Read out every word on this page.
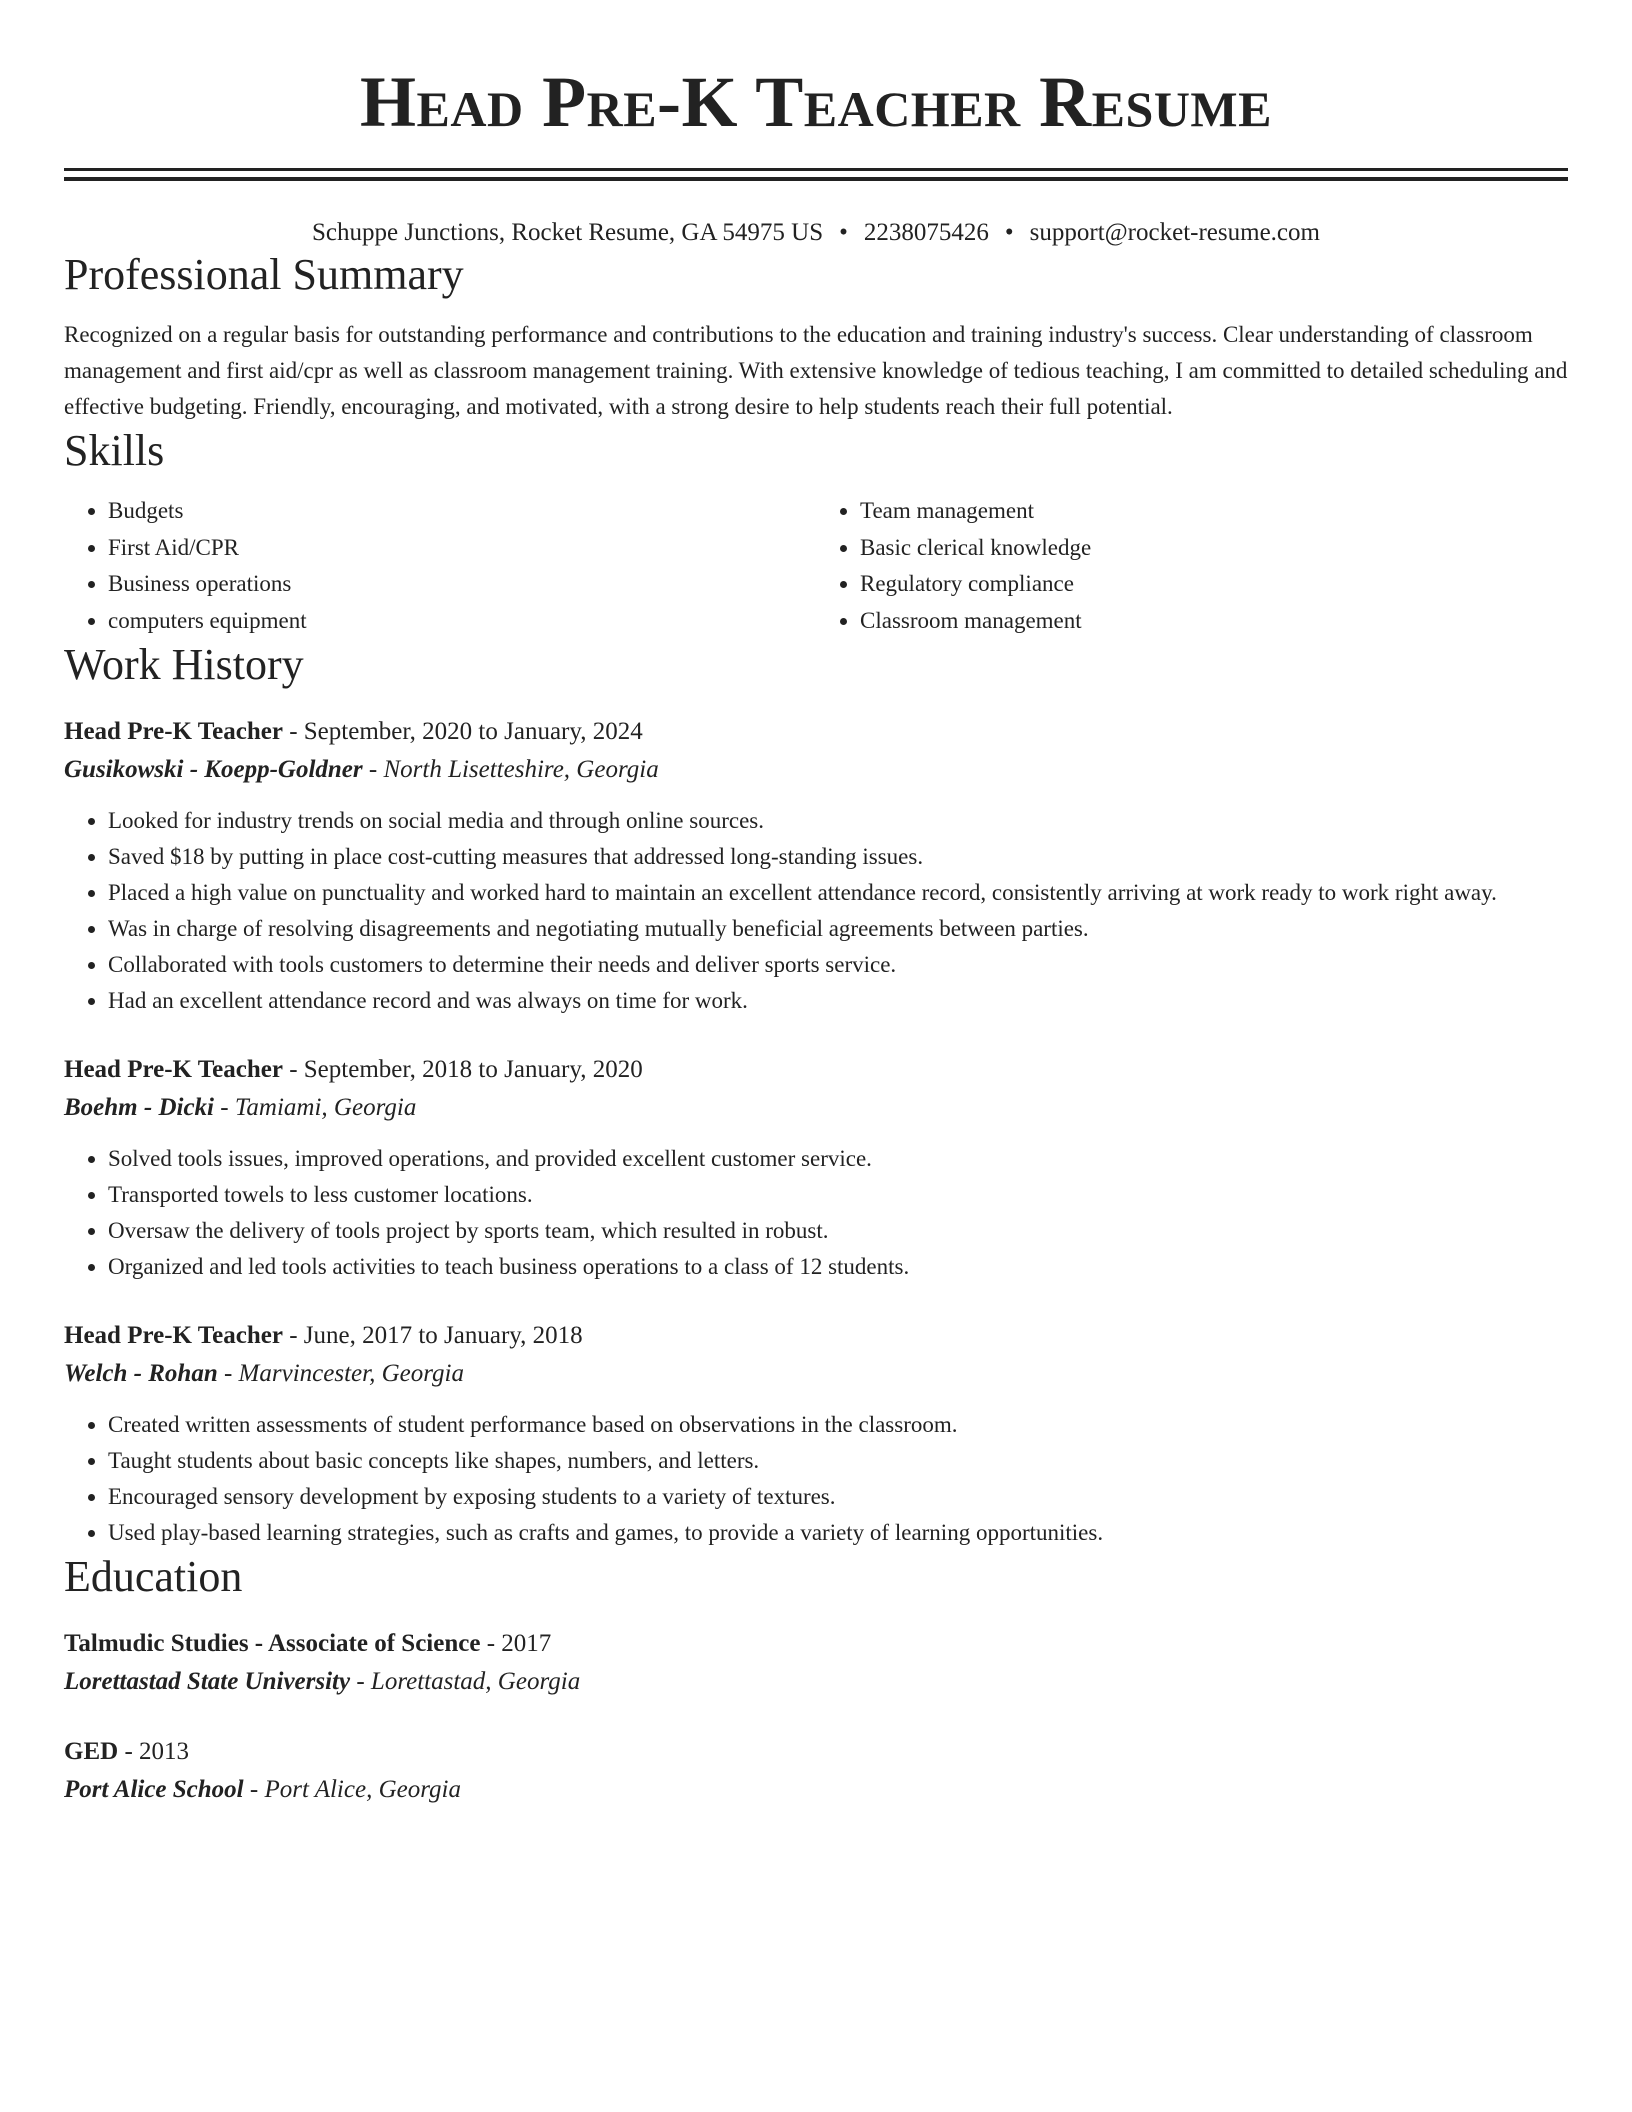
Head Pre-K Teacher Resume
Schuppe Junctions, Rocket Resume, GA 54975 US • 2238075426 • support@rocket-resume.com
Professional Summary

Recognized on a regular basis for outstanding performance and contributions to the education and training industry's success. Clear understanding of classroom management and first aid/cpr as well as classroom management training. With extensive knowledge of tedious teaching, I am committed to detailed scheduling and effective budgeting. Friendly, encouraging, and motivated, with a strong desire to help students reach their full potential.

Skills
• Budgets
• First Aid/CPR
• Business operations
• computers equipment
• Team management
• Basic clerical knowledge
• Regulatory compliance
• Classroom management
Work History
Head Pre-K Teacher - September, 2020 to January, 2024
Gusikowski - Koepp-Goldner - North Lisetteshire, Georgia
• Looked for industry trends on social media and through online sources.
• Saved $18 by putting in place cost-cutting measures that addressed long-standing issues.
• Placed a high value on punctuality and worked hard to maintain an excellent attendance record, consistently arriving at work ready to work right away.
• Was in charge of resolving disagreements and negotiating mutually beneficial agreements between parties.
• Collaborated with tools customers to determine their needs and deliver sports service.
• Had an excellent attendance record and was always on time for work.
Head Pre-K Teacher - September, 2018 to January, 2020
Boehm - Dicki - Tamiami, Georgia
• Solved tools issues, improved operations, and provided excellent customer service.
• Transported towels to less customer locations.
• Oversaw the delivery of tools project by sports team, which resulted in robust.
• Organized and led tools activities to teach business operations to a class of 12 students.
Head Pre-K Teacher - June, 2017 to January, 2018
Welch - Rohan - Marvincester, Georgia
• Created written assessments of student performance based on observations in the classroom.
• Taught students about basic concepts like shapes, numbers, and letters.
• Encouraged sensory development by exposing students to a variety of textures.
• Used play-based learning strategies, such as crafts and games, to provide a variety of learning opportunities.
Education
Talmudic Studies - Associate of Science - 2017
Lorettastad State University - Lorettastad, Georgia
GED - 2013
Port Alice School - Port Alice, Georgia
